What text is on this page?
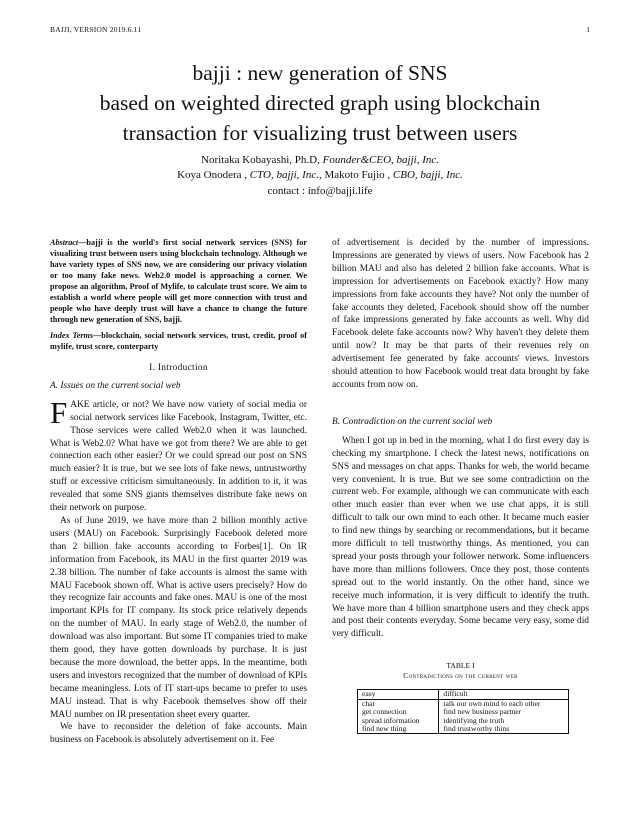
BAJJI, VERSION 2019.6.11	1
bajji : new generation of SNS
based on weighted directed graph using blockchain
transaction for visualizing trust between users
Noritaka Kobayashi, Ph.D, Founder&CEO, bajji, Inc.
Koya Onodera , CTO, bajji, Inc., Makoto Fujio , CBO, bajji, Inc.
contact : info@bajji.life

Abstract—bajji is the world's first social network services (SNS) for visualizing trust between users using blockchain technology. Although we have variety types of SNS now, we are considering our privacy violation or too many fake news. Web2.0 model is approaching a corner. We propose an algorithm, Proof of Mylife, to calculate trust score. We aim to establish a world where people will get more connection with trust and people who have deeply trust will have a chance to change the future through new generation of SNS, bajji.

Index Terms—blockchain, social network services, trust, credit, proof of mylife, trust score, conterparty

I. Introduction
A. Issues on the current social web

FAKE article, or not? We have now variety of social media or social network services like Facebook, Instagram, Twitter, etc. Those services were called Web2.0 when it was launched. What is Web2.0? What have we got from there? We are able to get connection each other easier? Or we could spread our post on SNS much easier? It is true, but we see lots of fake news, untrustworthy stuff or excessive criticism simultaneously. In addition to it, it was revealed that some SNS giants themselves distribute fake news on their network on purpose.

As of June 2019, we have more than 2 billion monthly active users (MAU) on Facebook. Surprisingly Facebook deleted more than 2 billion fake accounts according to Forbes[1]. On IR information from Facebook, its MAU in the first quarter 2019 was 2.38 billion. The number of fake accounts is almost the same with MAU Facebook shown off. What is active users precisely? How do they recognize fair accounts and fake ones. MAU is one of the most important KPIs for IT company. Its stock price relatively depends on the number of MAU. In early stage of Web2.0, the number of download was also important. But some IT companies tried to make them good, they have gotten downloads by purchase. It is just because the more download, the better apps. In the meantime, both users and investors recognized that the number of download of KPIs became meaningless. Lots of IT start-ups became to prefer to uses MAU instead. That is why Facebook themselves show off their MAU number on IR presentation sheet every quarter.

We have to reconsider the deletion of fake accounts. Main business on Facebook is absolutely advertisement on it. Fee

of advertisement is decided by the number of impressions. Impressions are generated by views of users. Now Facebook has 2 billion MAU and also has deleted 2 billion fake accounts. What is impression for advertisements on Facebook exactly? How many impressions from fake accounts they have? Not only the number of fake accounts they deleted, Facebook should show off the number of fake impressions generated by fake accounts as well. Why did Facebook delete fake accounts now? Why haven't they delete them until now? It may be that parts of their revenues rely on advertisement fee generated by fake accounts' views. Investors should attention to how Facebook would treat data brought by fake accounts from now on.

B. Contradiction on the current social web

When I got up in bed in the morning, what I do first every day is checking my smartphone. I check the latest news, notifications on SNS and messages on chat apps. Thanks for web, the world became very convenient. It is true. But we see some contradiction on the current web. For example, although we can communicate with each other much easier than ever when we use chat apps, it is still difficult to talk our own mind to each other. It became much easier to find new things by searching or recommendations, but it became more difficult to tell trustworthy things. As mentioned, you can spread your posts through your follower network. Some influencers have more than millions followers. Once they post, those contents spread out to the world instantly. On the other hand, since we receive much information, it is very difficult to identify the truth. We have more than 4 billion smartphone users and they check apps and post their contents everyday. Some became very easy, some did very difficult.

TABLE I
Contradictions on the current web
easy	difficult
chat	talk our own mind to each other
get connection	find new business partner
spread information	identifying the truth
find new thing	find trustworthy thins
